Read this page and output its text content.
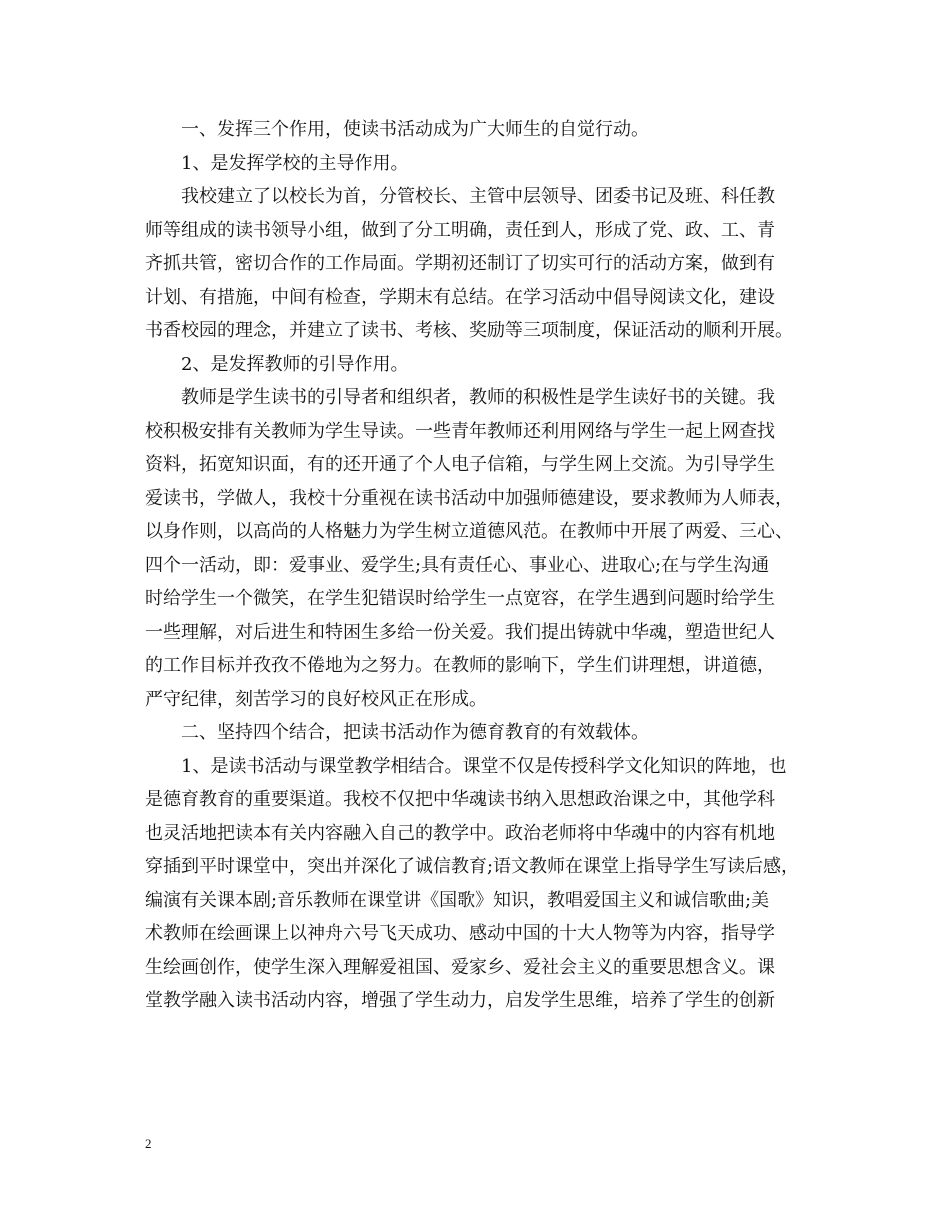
一、发挥三个作用，使读书活动成为广大师生的自觉行动。
1、是发挥学校的主导作用。
我校建立了以校长为首，分管校长、主管中层领导、团委书记及班、科任教
师等组成的读书领导小组，做到了分工明确，责任到人，形成了党、政、工、青
齐抓共管，密切合作的工作局面。学期初还制订了切实可行的活动方案，做到有
计划、有措施，中间有检查，学期末有总结。在学习活动中倡导阅读文化，建设
书香校园的理念，并建立了读书、考核、奖励等三项制度，保证活动的顺利开展。
2、是发挥教师的引导作用。
教师是学生读书的引导者和组织者，教师的积极性是学生读好书的关键。我
校积极安排有关教师为学生导读。一些青年教师还利用网络与学生一起上网查找
资料，拓宽知识面，有的还开通了个人电子信箱，与学生网上交流。为引导学生
爱读书，学做人，我校十分重视在读书活动中加强师德建设，要求教师为人师表，
以身作则，以高尚的人格魅力为学生树立道德风范。在教师中开展了两爱、三心、
四个一活动，即：爱事业、爱学生;具有责任心、事业心、进取心;在与学生沟通
时给学生一个微笑，在学生犯错误时给学生一点宽容，在学生遇到问题时给学生
一些理解，对后进生和特困生多给一份关爱。我们提出铸就中华魂，塑造世纪人
的工作目标并孜孜不倦地为之努力。在教师的影响下，学生们讲理想，讲道德，
严守纪律，刻苦学习的良好校风正在形成。
二、坚持四个结合，把读书活动作为德育教育的有效载体。
1、是读书活动与课堂教学相结合。课堂不仅是传授科学文化知识的阵地，也
是德育教育的重要渠道。我校不仅把中华魂读书纳入思想政治课之中，其他学科
也灵活地把读本有关内容融入自己的教学中。政治老师将中华魂中的内容有机地
穿插到平时课堂中，突出并深化了诚信教育;语文教师在课堂上指导学生写读后感，
编演有关课本剧;音乐教师在课堂讲《国歌》知识，教唱爱国主义和诚信歌曲;美
术教师在绘画课上以神舟六号飞天成功、感动中国的十大人物等为内容，指导学
生绘画创作，使学生深入理解爱祖国、爱家乡、爱社会主义的重要思想含义。课
堂教学融入读书活动内容，增强了学生动力，启发学生思维，培养了学生的创新
2
